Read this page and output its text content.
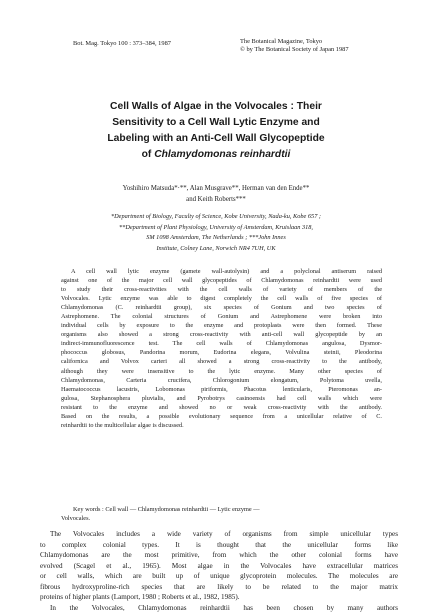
Bot. Mag. Tokyo 100 : 373–384, 1987	The Botanical Magazine, Tokyo
© by The Botanical Society of Japan 1987
Cell Walls of Algae in the Volvocales : Their
Sensitivity to a Cell Wall Lytic Enzyme and
Labeling with an Anti-Cell Wall Glycopeptide
of Chlamydomonas reinhardtii
Yoshihiro Matsuda*·**, Alan Musgrave**, Herman van den Ende**
and Keith Roberts***
*Department of Biology, Faculty of Science, Kobe University, Nada-ku, Kobe 657 ;
**Department of Plant Physiology, University of Amsterdam, Kruislaan 318,
SM 1098 Amsterdam, The Netherlands ; ***John Innes
Institute, Colney Lane, Norwich NR4 7UH, UK
A cell wall lytic enzyme (gamete wall-autolysin) and a polyclonal antiserum raised
against one of the major cell wall glycopeptides of Chlamydomonas reinhardtii were used
to study their cross-reactivities with the cell walls of variety of members of the
Volvocales. Lytic enzyme was able to digest completely the cell walls of five species of
Chlamydomonas (C. reinhardtii group), six species of Gonium and two species of
Astrephomene. The colonial structures of Gonium and Astrephomene were broken into
individual cells by exposure to the enzyme and protoplasts were then formed. These
organisms also showed a strong cross-reactivity with anti-cell wall glycopeptide by an
indirect-immunofluorescence test. The cell walls of Chlamydomonas angulosa, Dysmor-
phococcus globosus, Pandorina morum, Eudorina elegans, Volvulina steinii, Pleodorina
californica and Volvox carteri all showed a strong cross-reactivity to the antibody,
although they were insensitive to the lytic enzyme. Many other species of
Chlamydomonas, Carteria crucifera, Chlorogonium elongatum, Polytoma uvella,
Haematococcus lacustris, Lobomonas piriformis, Phacotus lenticularis, Pteromonas an-
gulosa, Stephanosphera pluvialis, and Pyrobotrys casinoensis had cell walls which were
resistant to the enzyme and showed no or weak cross-reactivity with the antibody.
Based on the results, a possible evolutionary sequence from a unicellular relative of C.
reinhardtii to the multicellular algae is discussed.
Key words : Cell wall — Chlamydomonas reinhardtii — Lytic enzyme —
Volvocales.
The Volvocales includes a wide variety of organisms from simple unicellular types
to complex colonial types. It is thought that the unicellular forms like
Chlamydomonas are the most primitive, from which the other colonial forms have
evolved (Scagel et al., 1965). Most algae in the Volvocales have extracellular matrices
or cell walls, which are built up of unique glycoprotein molecules. The molecules are
fibrous hydroxyproline-rich species that are likely to be related to the major matrix
proteins of higher plants (Lamport, 1980 ; Roberts et al., 1982, 1985).
In the Volvocales, Chlamydomonas reinhardtii has been chosen by many authors
